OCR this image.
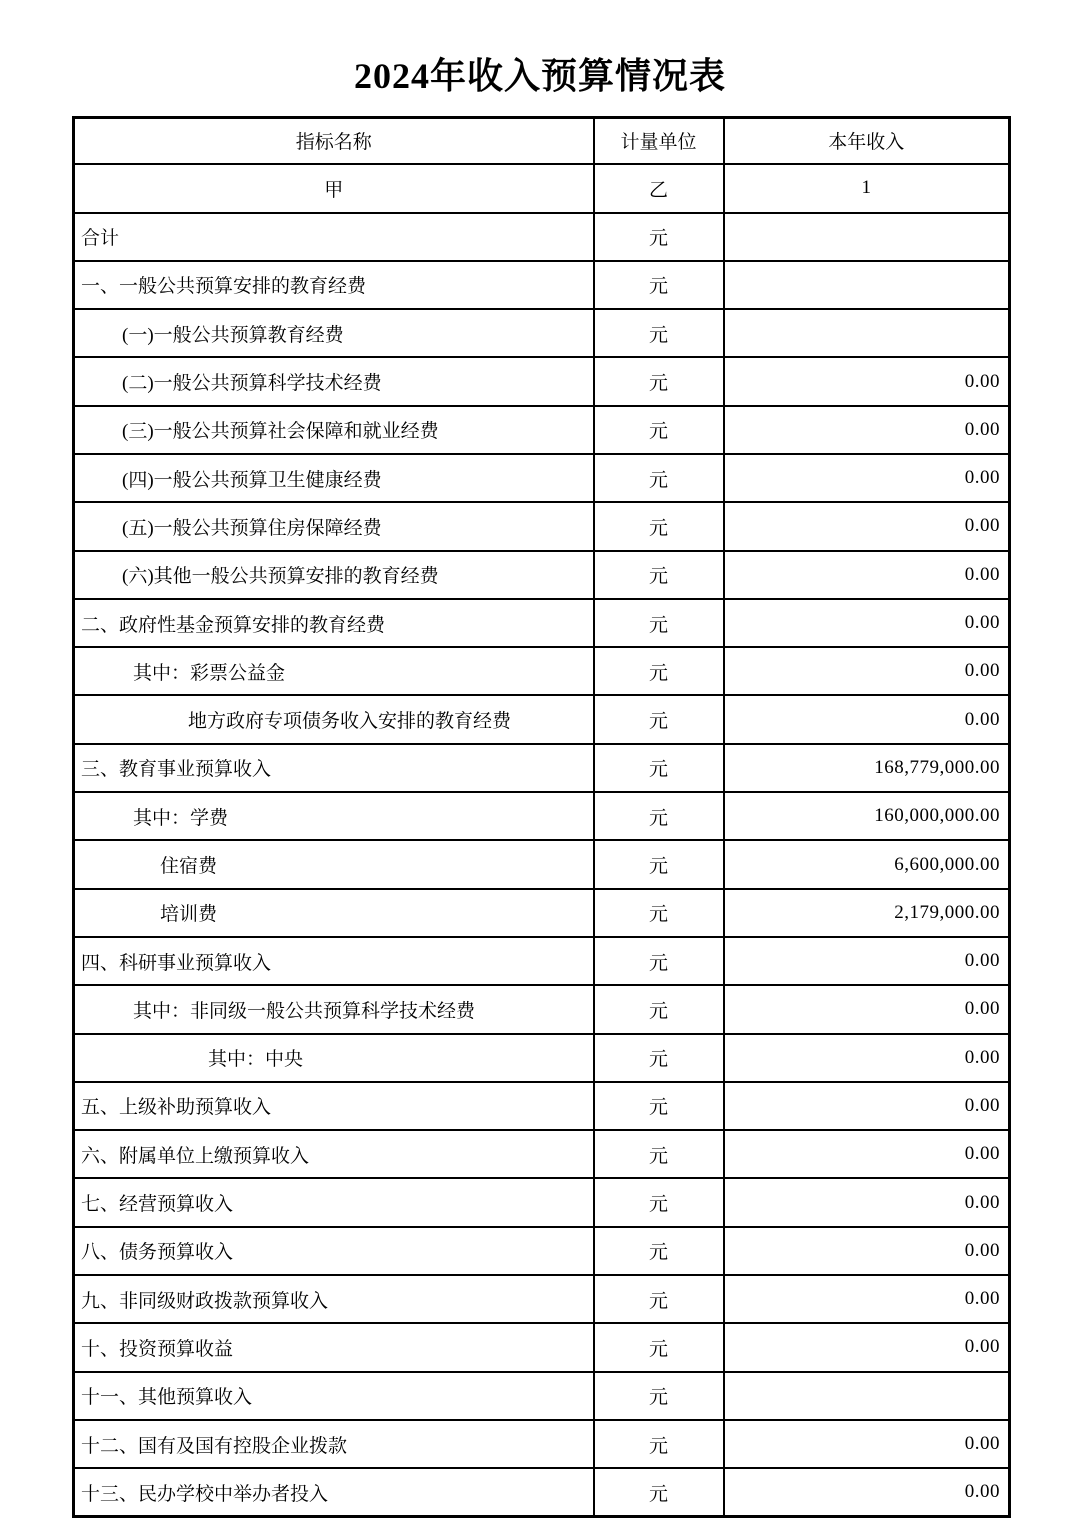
2024年收入预算情况表
指标名称	计量单位	本年收入
甲	乙	1
合计	元	
一、一般公共预算安排的教育经费	元	
(一)一般公共预算教育经费	元	
(二)一般公共预算科学技术经费	元	0.00
(三)一般公共预算社会保障和就业经费	元	0.00
(四)一般公共预算卫生健康经费	元	0.00
(五)一般公共预算住房保障经费	元	0.00
(六)其他一般公共预算安排的教育经费	元	0.00
二、政府性基金预算安排的教育经费	元	0.00
其中：彩票公益金	元	0.00
地方政府专项债务收入安排的教育经费	元	0.00
三、教育事业预算收入	元	168,779,000.00
其中：学费	元	160,000,000.00
住宿费	元	6,600,000.00
培训费	元	2,179,000.00
四、科研事业预算收入	元	0.00
其中：非同级一般公共预算科学技术经费	元	0.00
其中：中央	元	0.00
五、上级补助预算收入	元	0.00
六、附属单位上缴预算收入	元	0.00
七、经营预算收入	元	0.00
八、债务预算收入	元	0.00
九、非同级财政拨款预算收入	元	0.00
十、投资预算收益	元	0.00
十一、其他预算收入	元	
十二、国有及国有控股企业拨款	元	0.00
十三、民办学校中举办者投入	元	0.00
